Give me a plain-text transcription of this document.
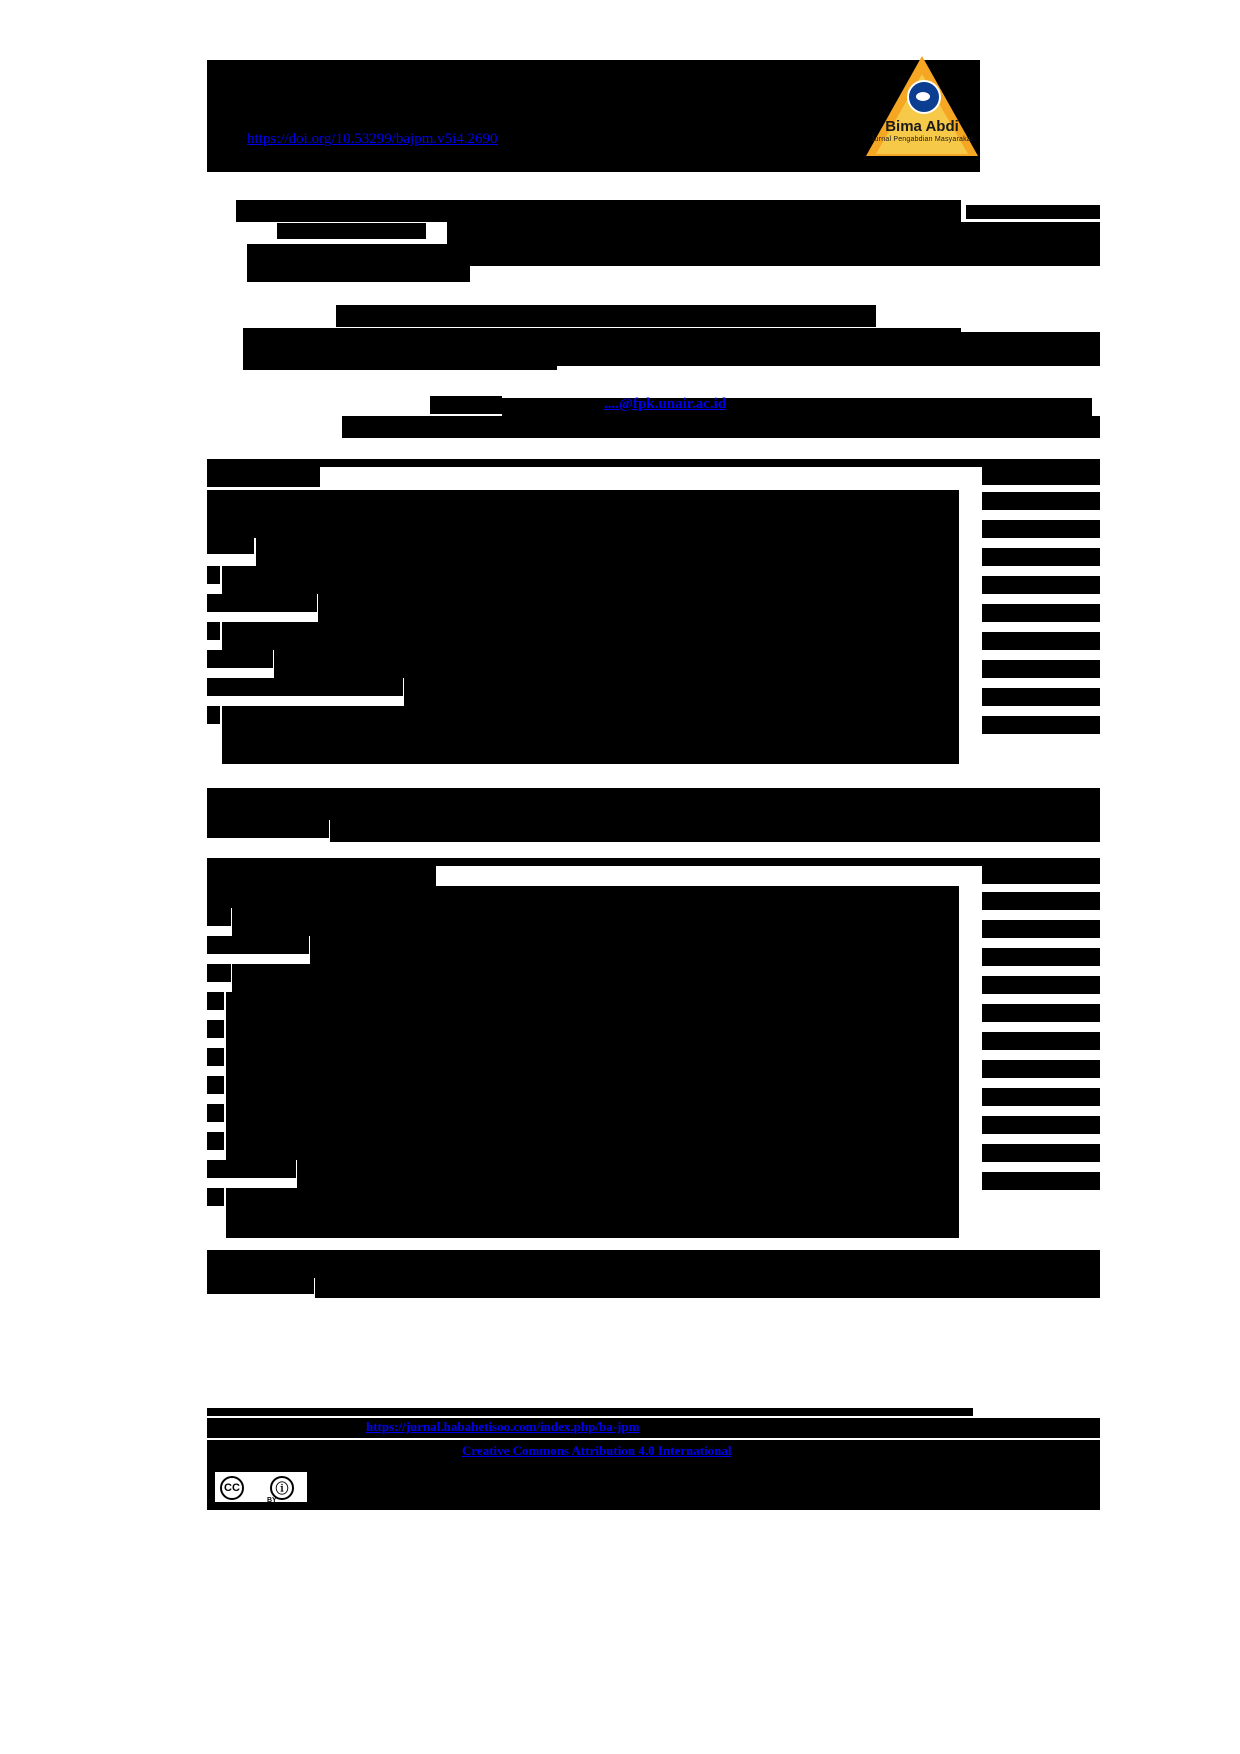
https://doi.org/10.53299/bajpm.v5i4.2690
Bima Abdi
Jurnal Pengabdian Masyarakat
....@fpk.unair.ac.id
https://jurnal.habahetisoo.com/index.php/ba-jpm
Creative Commons Attribution 4.0 International
CC	ⓘ
BY
